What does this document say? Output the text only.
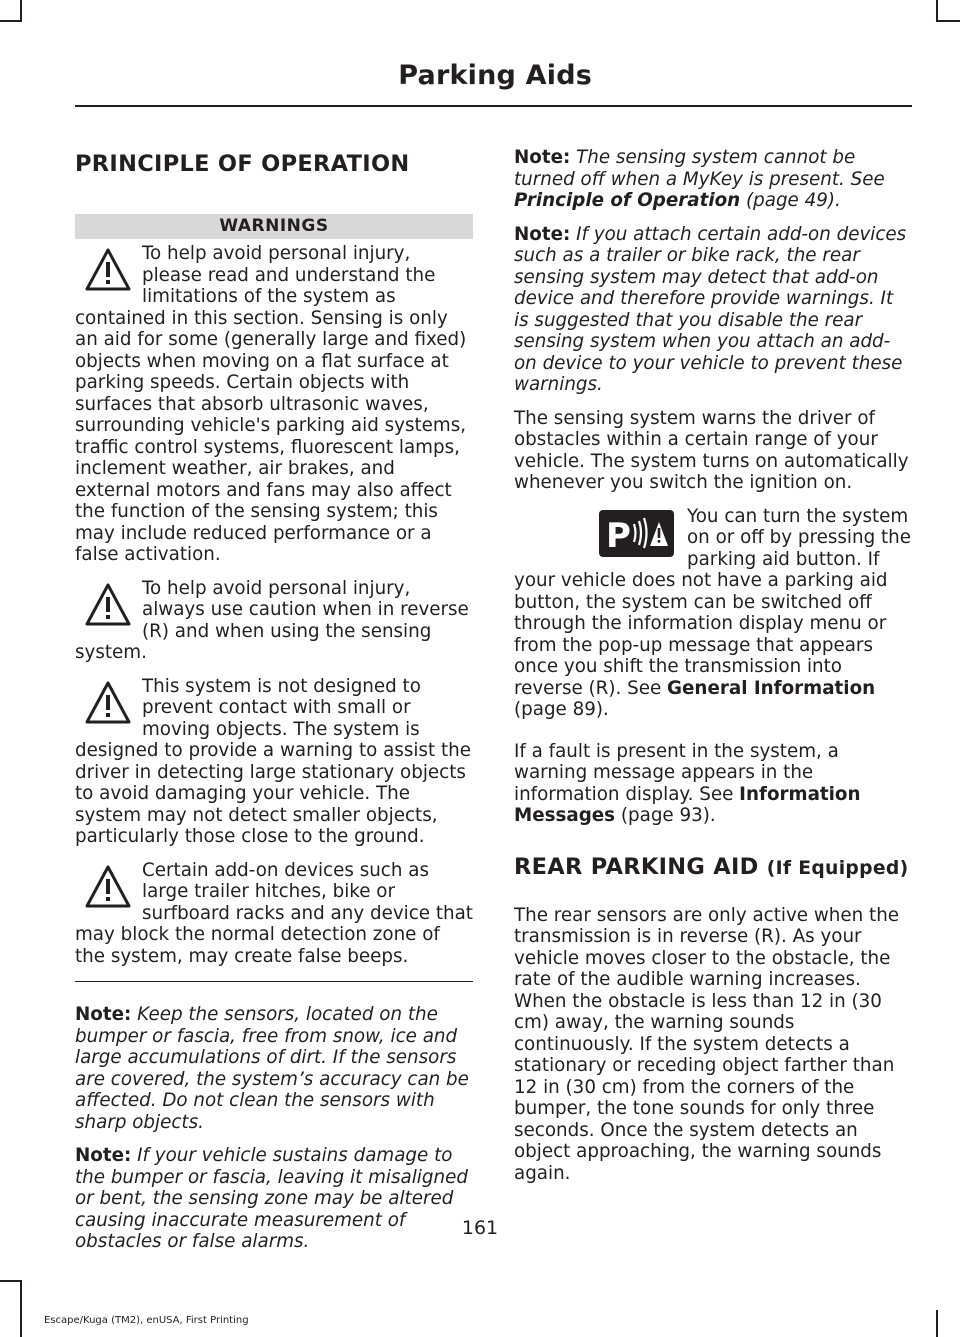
Parking Aids
PRINCIPLE OF OPERATION
WARNINGS
To help avoid personal injury, please read and understand the limitations of the system as contained in this section. Sensing is only an aid for some (generally large and fixed) objects when moving on a flat surface at parking speeds. Certain objects with surfaces that absorb ultrasonic waves, surrounding vehicle's parking aid systems, traffic control systems, fluorescent lamps, inclement weather, air brakes, and external motors and fans may also affect the function of the sensing system; this may include reduced performance or a false activation.
To help avoid personal injury, always use caution when in reverse (R) and when using the sensing system.
This system is not designed to prevent contact with small or moving objects. The system is designed to provide a warning to assist the driver in detecting large stationary objects to avoid damaging your vehicle. The system may not detect smaller objects, particularly those close to the ground.
Certain add-on devices such as large trailer hitches, bike or surfboard racks and any device that may block the normal detection zone of the system, may create false beeps.

Note: Keep the sensors, located on the bumper or fascia, free from snow, ice and large accumulations of dirt. If the sensors are covered, the system’s accuracy can be affected. Do not clean the sensors with sharp objects.

Note: If your vehicle sustains damage to the bumper or fascia, leaving it misaligned or bent, the sensing zone may be altered causing inaccurate measurement of obstacles or false alarms.

Note: The sensing system cannot be turned off when a MyKey is present. See Principle of Operation (page 49).

Note: If you attach certain add-on devices such as a trailer or bike rack, the rear sensing system may detect that add-on device and therefore provide warnings. It is suggested that you disable the rear sensing system when you attach an add-on device to your vehicle to prevent these warnings.

The sensing system warns the driver of obstacles within a certain range of your vehicle. The system turns on automatically whenever you switch the ignition on.

P	You can turn the system on or off by pressing the parking aid button. If your vehicle does not have a parking aid button, the system can be switched off through the information display menu or from the pop-up message that appears once you shift the transmission into reverse (R). See General Information (page 89).

If a fault is present in the system, a warning message appears in the information display. See Information Messages (page 93).

REAR PARKING AID (If Equipped)

The rear sensors are only active when the transmission is in reverse (R). As your vehicle moves closer to the obstacle, the rate of the audible warning increases. When the obstacle is less than 12 in (30 cm) away, the warning sounds continuously. If the system detects a stationary or receding object farther than 12 in (30 cm) from the corners of the bumper, the tone sounds for only three seconds. Once the system detects an object approaching, the warning sounds again.

161
Escape/Kuga (TM2), enUSA, First Printing
